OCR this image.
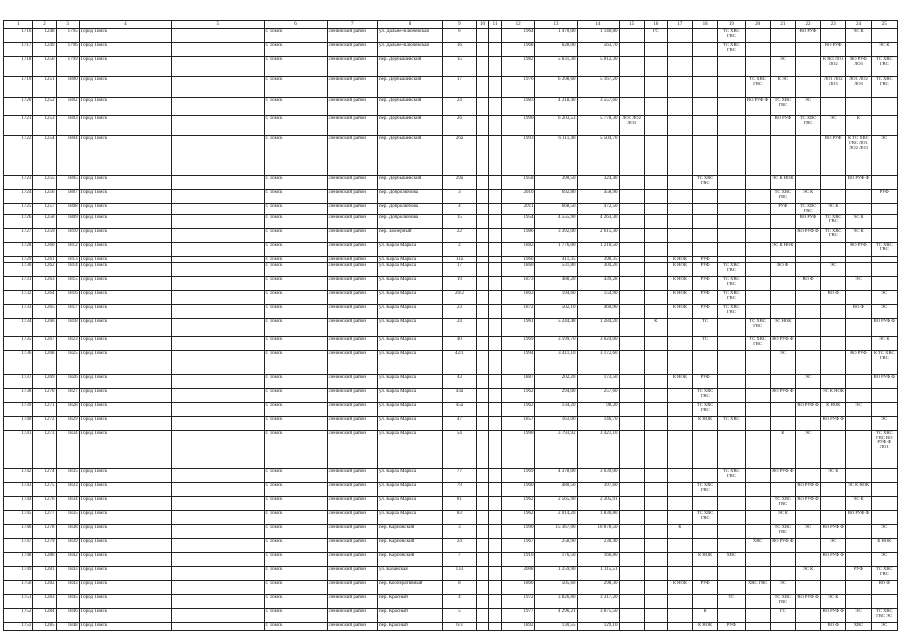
1	2	3	4	5	6	7	8	9	10	11	12	13	14	15	16	17	18	19	20	21	22	23	24	25
1716	1248	1795	Город Томск		г. Томск	Ленинский район	ул. Дальне-Ключевская	6			1964	1 470,00	1 140,80		ГС			ТС ХВС ГВС			ВО РУФ		ЭС К	
1717	1249	1796	Город Томск		г. Томск	Ленинский район	ул. Дальне-Ключевская	16			1968	628,00	563,70					ТС ХВС ГВС				ВО РУФ		ЭС К
1718	1250	1799	Город Томск		г. Томск	Ленинский район	пер. Дербышевский	15			1982	5 831,30	5 812,30							ЭС		К ВО ЛО1 ЛО2	ВО РУФ ЛО3	ТС ХВС ГВС
1719	1251	1800	Город Томск		г. Томск	Ленинский район	пер. Дербышевский	17			1976	6 398,60	5 167,20						ТС ХВС ГВС	К ЭС		ЛО1 ЛО2 ЛО3	ЛО1 ЛО2 ЛО3	ТС ХВС ГВС
1720	1252	1802	Город Томск		г. Томск	Ленинский район	пер. Дербышевский	24			1983	4 318,40	3 557,60						ВО РУФ Ф	ТС ХВС ГВС	ЭС			
1721	1253	1803	Город Томск		г. Томск	Ленинский район	пер. Дербышевский	26			1990	6 203,53	5 778,30	ЛО1 ЛО2 ЛО3						ВО РУФ	ТС ХВС ГВС	ЭС	К	
1722	1254	1804	Город Томск		г. Томск	Ленинский район	пер. Дербышевский	26а			1993	6 111,40	5 504,70									ВО РУФ	К ТС ХВС ГВС ЛО1 ЛО2 ЛО3	ЭС
1723	1255	1805	Город Томск		г. Томск	Ленинский район	пер. Дербышевский	29а			1958	390,50	324,40				ТС ХВС ГВС			ЭС К НОК			ВО РУФ Ф	
1724	1256	1807	Город Томск		г. Томск	Ленинский район	пер. Добролюбова	3			2010	692,80	458,90							ТС ХВС ГВС	ЭС К			РУФ
1725	1257	1808	Город Томск		г. Томск	Ленинский район	пер. Добролюбова	4			2011	668,50	472,50							РУФ	ТС ХВС ГВС	ЭС К		
1726	1258	1809	Город Томск		г. Томск	Ленинский район	пер. Добролюбова	15			1954	4 555,90	4 263,30								ВО РУФ	ТС ХВС ГВС	ЭС К	
1727	1259	1810	Город Томск		г. Томск	Ленинский район	пер. Заозерный	22			1986	3 392,00	2 615,30								ВО РУФ Ф	ТС ХВС ГВС	ЭС К	
1728	1260	1812	Город Томск		г. Томск	Ленинский район	ул. Карла Маркса	2			1882	1 776,00	1 210,50							ЭС К НОК			ВО РУФ	ТС ХВС ГВС
1729	1261	1813	Город Томск		г. Томск	Ленинский район	ул. Карла Маркса	11а			1966	411,35	398,35			К НОК	РУФ							
1730	1262	1814	Город Томск		г. Томск	Ленинский район	ул. Карла Маркса	17			1860	531,80	304,20			К НОК	РУФ	ТС ХВС ГВС		ВО Ф		ЭС		
1731	1263	1815	Город Томск		г. Томск	Ленинский район	ул. Карла Маркса	19			1873	488,20	439,28			К НОК	РУФ	ТС ХВС ГВС			ВО Ф		ЭС	
1732	1264	1816	Город Томск		г. Томск	Ленинский район	ул. Карла Маркса	20/2			1863	194,60	154,90			К НОК	РУФ	ТС ХВС ГВС				ВО Ф		ЭС
1733	1265	1817	Город Томск		г. Томск	Ленинский район	ул. Карла Маркса	23			1872	502,10	460,90			К НОК	РУФ	ТС ХВС ГВС					ВО Ф	ЭС
1734	1266	1818	Город Томск		г. Томск	Ленинский район	ул. Карла Маркса	24			1961	5 244,48	1 284,20		К		ТС		ТС ХВС ГВС	ЭС НОК				ВО РУФ Ф
1735	1267	1823	Город Томск		г. Томск	Ленинский район	ул. Карла Маркса	40			1969	3 199,70	3 024,00				ТС		ТС ХВС ГВС	ВО РУФ Ф				ЭС К
1736	1268	1825	Город Томск		г. Томск	Ленинский район	ул. Карла Маркса	42/1			1994	3 411,10	3 172,60							ЭС			ВО РУФ	К ТС ХВС ГВС
1737	1269	1826	Город Томск		г. Томск	Ленинский район	ул. Карла Маркса	43			1887	202,20	173,50			К НОК	РУФ				ЭС			ВО РУФ Ф
1738	1270	1827	Город Томск		г. Томск	Ленинский район	ул. Карла Маркса	43а			1962	294,00	257,60				ТС ХВС ГВС			ВО РУФ Ф		ЭС К НОК		
1739	1271	1828	Город Томск		г. Томск	Ленинский район	ул. Карла Маркса	45а			1962	134,20	98,20				ТС ХВС ГВС				ВО РУФ Ф	К НОК	ЭС	
1740	1272	1829	Город Томск		г. Томск	Ленинский район	ул. Карла Маркса	47			1857	163,00	146,70				К НОК	ТС ХВС				ВО РУФ Ф		ЭС
1741	1273	1834	Город Томск		г. Томск	Ленинский район	ул. Карла Маркса	54			1990	3 793,92	3 421,10							К	ЭС			ТС ХВС ГВС ВО РУФ Ф ЛО1
1742	1274	1835	Город Томск		г. Томск	Ленинский район	ул. Карла Маркса	77			1969	4 378,00	3 639,00					ТС ХВС ГВС		ВО РУФ Ф		ЭС К		
1743	1275	1833	Город Томск		г. Томск	Ленинский район	ул. Карла Маркса	79			1960	480,50	397,60				ТС ХВС ГВС				ВО РУФ Ф		ЭС К НОК	
1744	1276	1834	Город Томск		г. Томск	Ленинский район	ул. Карла Маркса	81			1962	2 565,90	2 305,91							ТС ХВС ГВС	ВО РУФ Ф		ЭС К	
1745	1277	1835	Город Томск		г. Томск	Ленинский район	ул. Карла Маркса	83			1962	2 014,20	1 830,80				ТС ХВС ГВС			ЭС К			ВО РУФ Ф	
1746	1278	1838	Город Томск		г. Томск	Ленинский район	пер. Карповский	3			1990	15 367,00	10 878,50			К				ТС ХВС ГВС	ЭС	ВО РУФ Ф		ЭС
1747	1279	1839	Город Томск		г. Томск	Ленинский район	пер. Карповский	24			1967	258,90	230,40						ХВС	ВО РУФ Ф		ЭС		К НОК
1748	1280	1842	Город Томск		г. Томск	Ленинский район	пер. Карповский	7			1910	176,50	160,80				К НОК	ХВС				ВО РУФ Ф		ЭС
1749	1281	1843	Город Томск		г. Томск	Ленинский район	ул. Казанская	133			2008	1 259,90	1 115,51								ЭС К		РУФ	ТС ХВС ГВС
1750	1282	1843	Город Томск		г. Томск	Ленинский район	пер. Кооперативный	8			1860	505,60	298,30			К НОК	РУФ		ХВС ГВС	ЭС				ВО Ф
1751	1283	1845	Город Томск		г. Томск	Ленинский район	пер. Красный	4			1972	3 826,80	3 317,20					ТС		ТС ХВС ГВС	ВО РУФ Ф	ЭС К		
1752	1284	1846	Город Томск		г. Томск	Ленинский район	пер. Красный	5			1977	4 296,21	3 875,50				К			ГС		ВО РУФ Ф	ЭС	ТС ХВС ГВС ЭС
1753	1285	1848	Город Томск		г. Томск	Ленинский район	пер. Красный	6/3			1892	130,55	129,10				К НОК	РУФ				ВО Ф	ХВС	ЭС
